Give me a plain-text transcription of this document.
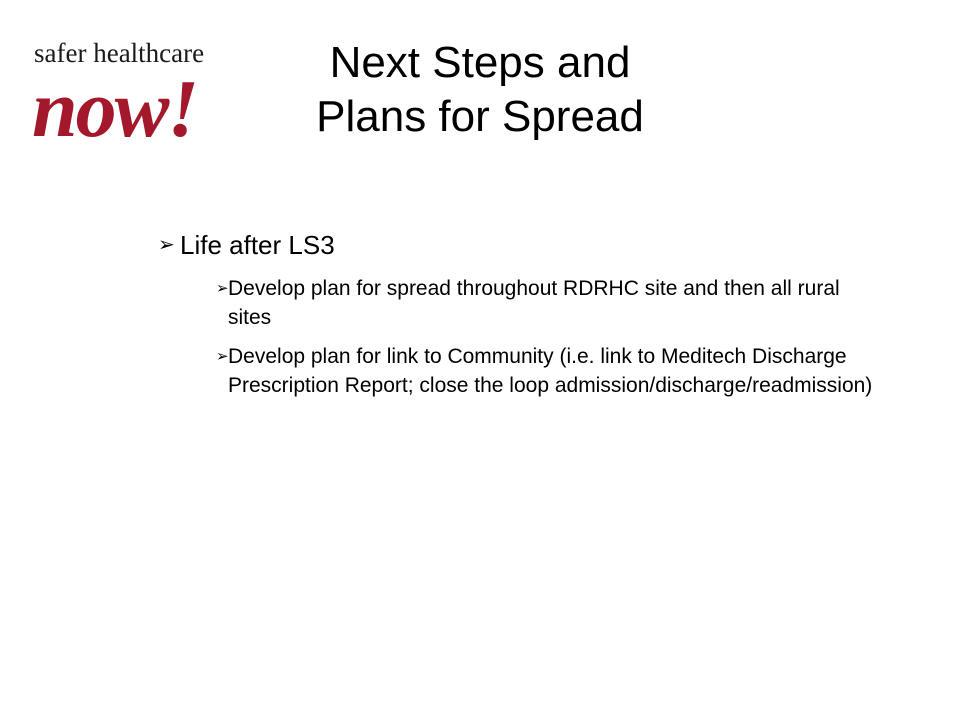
safer healthcare
now!
Next Steps and
Plans for Spread
➢ Life after LS3
➢ Develop plan for spread throughout RDRHC site and then all rural sites
➢ Develop plan for link to Community (i.e. link to Meditech Discharge Prescription Report; close the loop admission/discharge/readmission)
